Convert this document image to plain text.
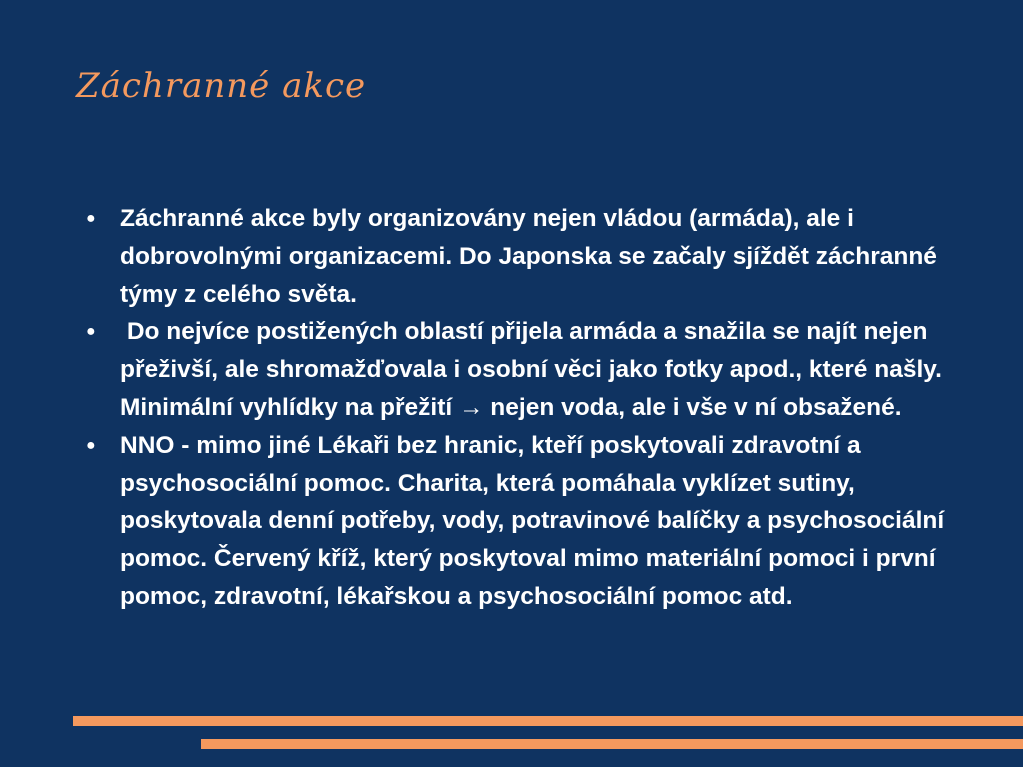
Záchranné akce
● Záchranné akce byly organizovány nejen vládou (armáda), ale i dobrovolnými organizacemi. Do Japonska se začaly sjíždět záchranné týmy z celého světa.
● Do nejvíce postižených oblastí přijela armáda a snažila se najít nejen přeživší, ale shromažďovala i osobní věci jako fotky apod., které našly. Minimální vyhlídky na přežití → nejen voda, ale i vše v ní obsažené.
● NNO - mimo jiné Lékaři bez hranic, kteří poskytovali zdravotní a psychosociální pomoc. Charita, která pomáhala vyklízet sutiny, poskytovala denní potřeby, vody, potravinové balíčky a psychosociální pomoc. Červený kříž, který poskytoval mimo materiální pomoci i první pomoc, zdravotní, lékařskou a psychosociální pomoc atd.
